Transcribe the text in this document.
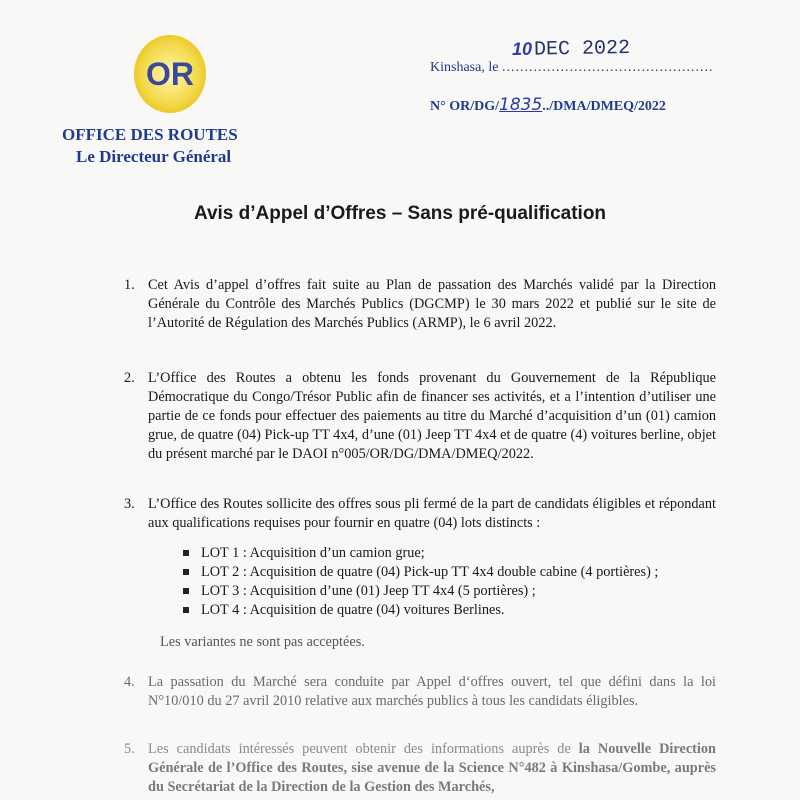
OR
OFFICE DES ROUTES
Le Directeur Général
10DEC 2022
Kinshasa, le ...............................................
N° OR/DG/1835../DMA/DMEQ/2022
Avis d’Appel d’Offres – Sans pré-qualification
1. Cet Avis d’appel d’offres fait suite au Plan de passation des Marchés validé par la Direction Générale du Contrôle des Marchés Publics (DGCMP) le 30 mars 2022 et publié sur le site de l’Autorité de Régulation des Marchés Publics (ARMP), le 6 avril 2022.
2. L’Office des Routes a obtenu les fonds provenant du Gouvernement de la République Démocratique du Congo/Trésor Public afin de financer ses activités, et a l’intention d’utiliser une partie de ce fonds pour effectuer des paiements au titre du Marché d’acquisition d’un (01) camion grue, de quatre (04) Pick-up TT 4x4, d’une (01) Jeep TT 4x4 et de quatre (4) voitures berline, objet du présent marché par le DAOI n°005/OR/DG/DMA/DMEQ/2022.
3. L’Office des Routes sollicite des offres sous pli fermé de la part de candidats éligibles et répondant aux qualifications requises pour fournir en quatre (04) lots distincts :
LOT 1 : Acquisition d’un camion grue;
LOT 2 : Acquisition de quatre (04) Pick-up TT 4x4 double cabine (4 portières) ;
LOT 3 : Acquisition d’une (01) Jeep TT 4x4 (5 portières) ;
LOT 4 : Acquisition de quatre (04) voitures Berlines.
Les variantes ne sont pas acceptées.
4. La passation du Marché sera conduite par Appel d‘offres ouvert, tel que défini dans la loi N°10/010 du 27 avril 2010 relative aux marchés publics à tous les candidats éligibles.
5. Les candidats intéressés peuvent obtenir des informations auprès de la Nouvelle Direction Générale de l’Office des Routes, sise avenue de la Science N°482 à Kinshasa/Gombe, auprès du Secrétariat de la Direction de la Gestion des Marchés,
